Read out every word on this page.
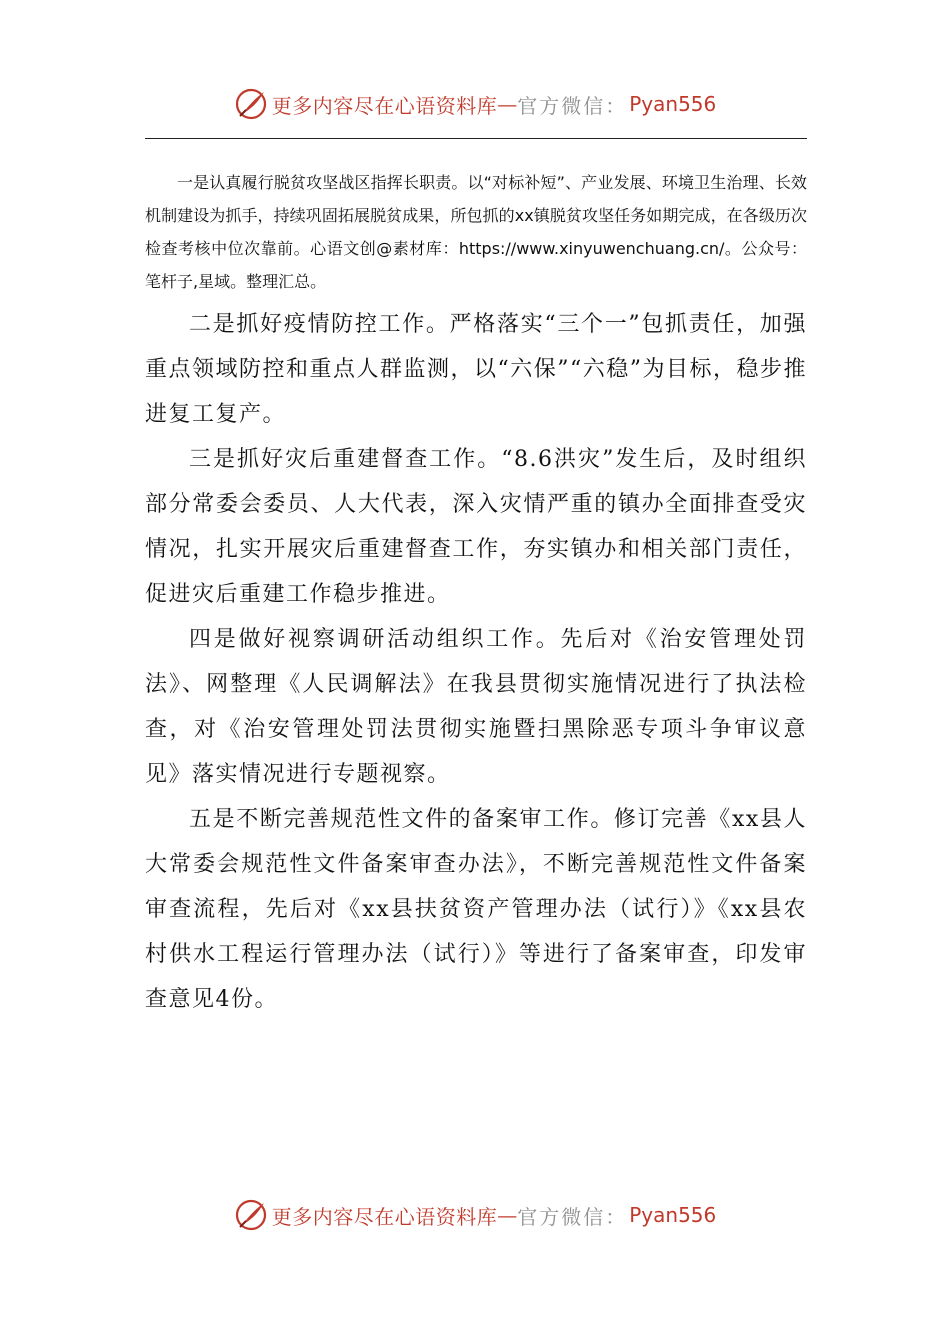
更多内容尽在心语资料库 — 官方微信： Pyan556

一是认真履行脱贫攻坚战区指挥长职责。以“对标补短”、产业发展、环境卫生治理、长效机制建设为抓手，持续巩固拓展脱贫成果，所包抓的xx镇脱贫攻坚任务如期完成，在各级历次检查考核中位次靠前。心语文创@素材库：https://www.xinyuwenchuang.cn/。公众号：笔杆子,星域。整理汇总。

二是抓好疫情防控工作。严格落实“三个一”包抓责任，加强重点领域防控和重点人群监测，以“六保”“六稳”为目标，稳步推进复工复产。

三是抓好灾后重建督查工作。“8.6洪灾”发生后，及时组织部分常委会委员、人大代表，深入灾情严重的镇办全面排查受灾情况，扎实开展灾后重建督查工作，夯实镇办和相关部门责任，促进灾后重建工作稳步推进。

四是做好视察调研活动组织工作。先后对《治安管理处罚法》、网整理《人民调解法》在我县贯彻实施情况进行了执法检查，对《治安管理处罚法贯彻实施暨扫黑除恶专项斗争审议意见》落实情况进行专题视察。

五是不断完善规范性文件的备案审工作。修订完善《xx县人大常委会规范性文件备案审查办法》，不断完善规范性文件备案审查流程，先后对《xx县扶贫资产管理办法（试行）》《xx县农村供水工程运行管理办法（试行）》等进行了备案审查，印发审查意见4份。

更多内容尽在心语资料库 — 官方微信： Pyan556
